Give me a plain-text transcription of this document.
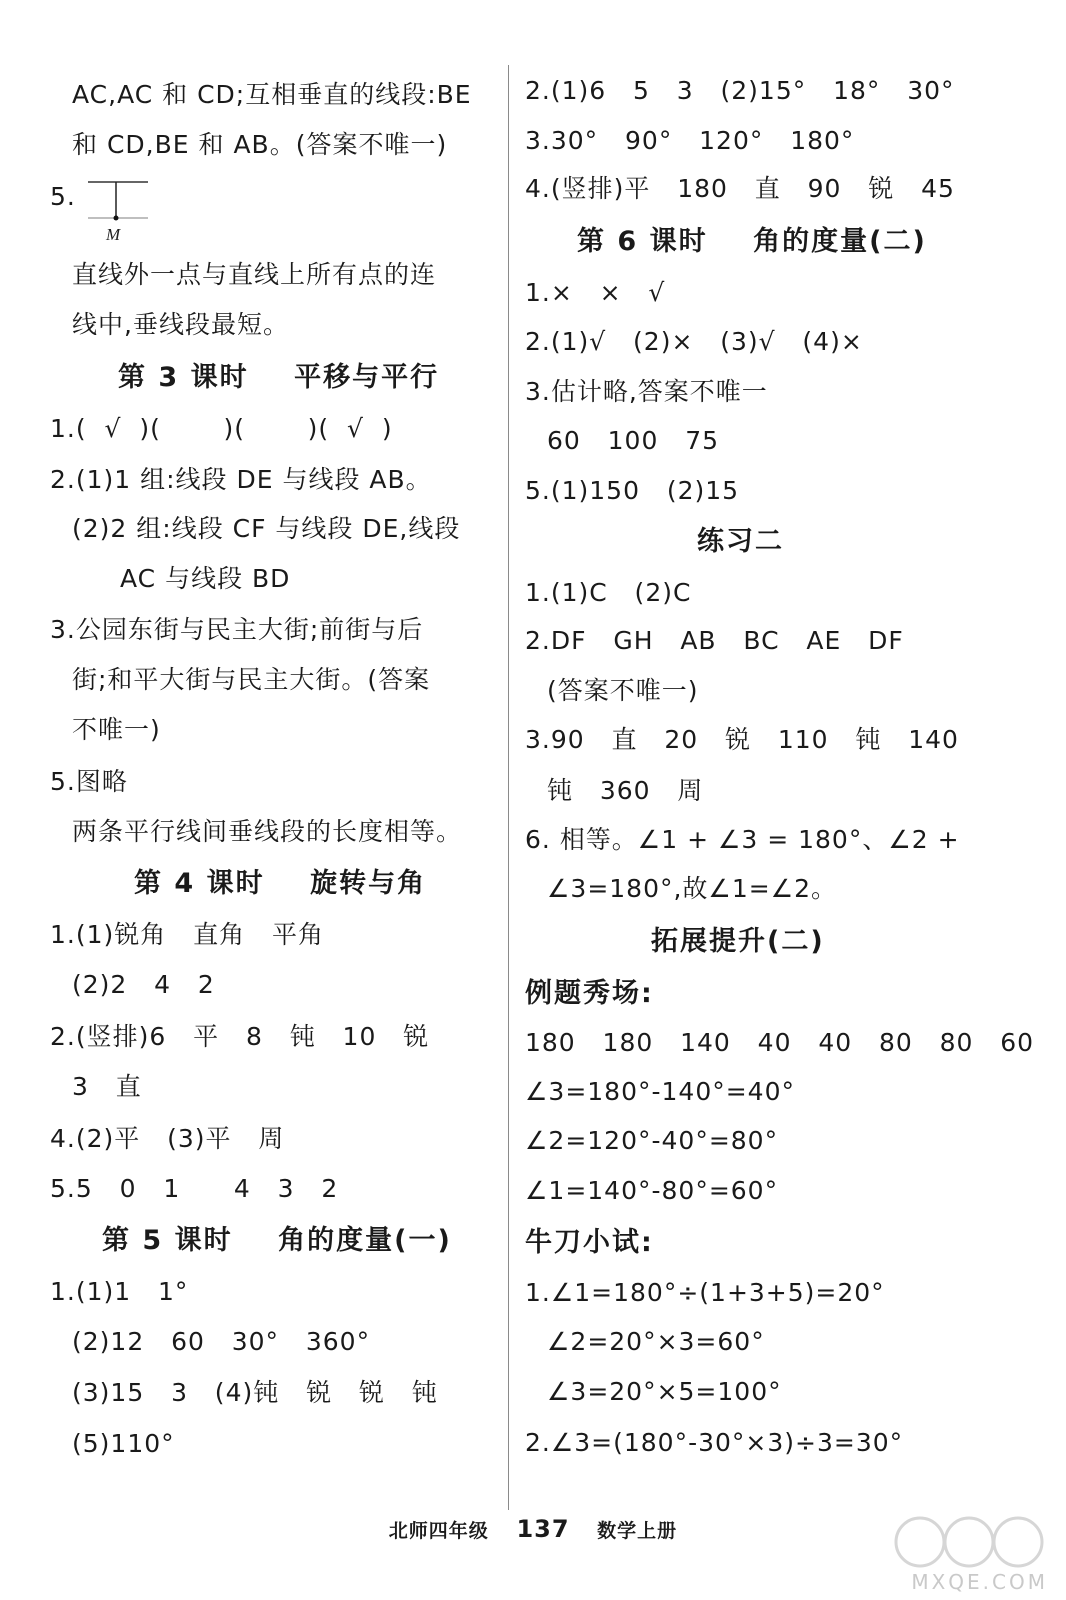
AC,AC 和 CD;互相垂直的线段:BE
和 CD,BE 和 AB。(答案不唯一)
5.
直线外一点与直线上所有点的连
线中,垂线段最短。
第 3 课时    平移与平行
1.(  √  )(       )(       )(  √  )
2.(1)1 组:线段 DE 与线段 AB。
(2)2 组:线段 CF 与线段 DE,线段
AC 与线段 BD
3.公园东街与民主大街;前街与后
街;和平大街与民主大街。(答案
不唯一)
5.图略
两条平行线间垂线段的长度相等。
第 4 课时    旋转与角
1.(1)锐角   直角   平角
(2)2   4   2
2.(竖排)6   平   8   钝   10   锐
3   直
4.(2)平   (3)平   周
5.5   0   1      4   3   2
第 5 课时    角的度量(一)
1.(1)1   1°
(2)12   60   30°   360°
(3)15   3   (4)钝   锐   锐   钝
(5)110°
M
2.(1)6   5   3   (2)15°   18°   30°
3.30°   90°   120°   180°
4.(竖排)平   180   直   90   锐   45
第 6 课时    角的度量(二)
1.×   ×   √
2.(1)√   (2)×   (3)√   (4)×
3.估计略,答案不唯一
60   100   75
5.(1)150   (2)15
练习二
1.(1)C   (2)C
2.DF   GH   AB   BC   AE   DF
(答案不唯一)
3.90   直   20   锐   110   钝   140
钝   360   周
6. 相等。∠1 + ∠3 = 180°、∠2 +
∠3=180°,故∠1=∠2。
拓展提升(二)
例题秀场:
180   180   140   40   40   80   80   60
∠3=180°-140°=40°
∠2=120°-40°=80°
∠1=140°-80°=60°
牛刀小试:
1.∠1=180°÷(1+3+5)=20°
∠2=20°×3=60°
∠3=20°×5=100°
2.∠3=(180°-30°×3)÷3=30°
北师四年级 137 数学上册
MXQE.COM
